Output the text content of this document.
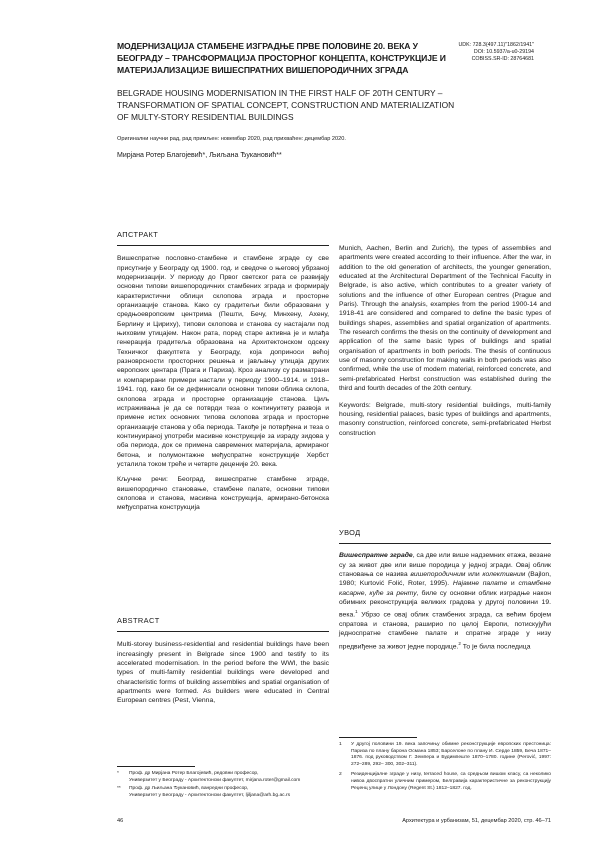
МОДЕРНИЗАЦИЈА СТАМБЕНЕ ИЗГРАДЊЕ ПРВЕ ПОЛОВИНЕ 20. ВЕКА У БЕОГРАДУ – ТРАНСФОРМАЦИЈА ПРОСТОРНОГ КОНЦЕПТА, КОНСТРУКЦИЈЕ И МАТЕРИЈАЛИЗАЦИЈЕ ВИШЕСПРАТНИХ ВИШЕПОРОДИЧНИХ ЗГРАДА
BELGRADE HOUSING MODERNISATION IN THE FIRST HALF OF 20TH CENTURY – TRANSFORMATION OF SPATIAL CONCEPT, CONSTRUCTION AND MATERIALIZATION OF MULTY-STORY RESIDENTIAL BUILDINGS
UDK: 728.3(497.11)"1862/1941"
DOI: 10.5937/a-u0-29194
COBISS.SR-ID: 28764681
Оригинални научни рад, рад примљен: новембар 2020, рад прихваћен: децембар 2020.
Мирјана Ротер Благојевић*, Љиљана Ђукановић**
АПСТРАКТ

Вишеспратне пословно-стамбене и стамбене зграде су све присутније у Београду од 1900. год. и сведоче о његовој убрзаној модернизацији. У периоду до Првог светског рата се развијају основни типови вишепородичних стамбених зграда и формирају карактеристични облици склопова зграда и просторне организације станова. Како су градитељи били образовани у средњоевропским центрима (Пешти, Бечу, Минхену, Ахену, Берлину и Цириху), типови склопова и станова су настајали под њиховим утицајем. Након рата, поред старе активна је и млађа генерација градитеља образована на Архитектонском одсеку Техничког факултета у Београду, која доприноси већој разноврсности просторних решења и јављању утицаја других европских центара (Прага и Париза). Кроз анализу су разматрани и компарирани примери настали у периоду 1900–1914. и 1918–1941. год. како би се дефинисали основни типови облика склопа, склопова зграда и просторне организације станова. Циљ истраживања је да се потврди теза о континуитету развоја и примене истих основних типова склопова зграда и просторне организације станова у оба периода. Такође је потврђена и теза о континуираној употреби масивне конструкције за израду зидова у оба периода, док се примена савремених материјала, армираног бетона, и полумонтажне међуспратне конструкције Хербст усталила током треће и четврте деценије 20. века.

Кључне речи: Београд, вишеспратне стамбене зграде, вишепородично становање, стамбене палате, основни типови склопова и станова, масивна конструкција, армирано-бетонска међуспратна конструкција

ABSTRACT

Multi-storey business-residential and residential buildings have been increasingly present in Belgrade since 1900 and testify to its accelerated modernisation. In the period before the WWI, the basic types of multi-family residential buildings were developed and characteristic forms of building assemblies and spatial organisation of apartments were formed. As builders were educated in Central European centres (Pest, Vienna,

Munich, Aachen, Berlin and Zurich), the types of assemblies and apartments were created according to their influence. After the war, in addition to the old generation of architects, the younger generation, educated at the Architectural Department of the Technical Faculty in Belgrade, is also active, which contributes to a greater variety of solutions and the influence of other European centres (Prague and Paris). Through the analysis, examples from the period 1900-14 and 1918-41 are considered and compared to define the basic types of buildings shapes, assemblies and spatial organization of apartments. The research confirms the thesis on the continuity of development and application of the same basic types of buildings and spatial organisation of apartments in both periods. The thesis of continuous use of masonry construction for making walls in both periods was also confirmed, while the use of modern material, reinforced concrete, and semi-prefabricated Herbst construction was established during the third and fourth decades of the 20th century.

Keywords: Belgrade, multi-story residential buildings, multi-family housing, residential palaces, basic types of buildings and apartments, masonry construction, reinforced concrete, semi-prefabricated Herbst construction

УВОД

Вишеспратне зграде, са две или више надземних етажа, везане су за живот две или више породица у једној згради. Овај облик становања се назива вишепородичним или колективним (Bajlon, 1980; Kurtović Folić, Roter, 1995). Најамне палате и стамбене касарне, куће за ренту, биле су основни облик изградње након обимних реконструкција великих градова у другој половини 19. века.$^1$ Убрзо се овај облик стамбених зграда, са већим бројем спратова и станова, раширио по целој Европи, потискујући једноспратне стамбене палате и спратне зграде у низу предвиђене за живот једне породице.$^2$ То је била последица

*	Проф. др Мирјана Ротер Благојевић, редовни професор,
Универзитет у Београду - Архитектонски факултет, mirjana.roter@gmail.com
**	Проф. др Љиљана Ђукановић, ванредни професор,
Универзитет у Београду - Архитектонски факултет, ljiljana@arh.bg.ac.rs
1	У другој половини 19. века започињу обимне реконструкције европских престоница: Париза по плану барона Османа 1853; Барселоне по плану И. Сердe 1859, Беча 1871–1876. под руководством Г. Земпера и Будимпеште 1870–1780. године (Perović, 1997: 272–289, 292– 300, 302–311).
2	Резиденцијалне зграде у низу, terraced house, са средњом вишом класу, са неколико нивоа двоспратни уличним примером, Белгравија карактеристичне за реконструкцију Реџенц улице у Лондону (Regent St.) 1812–1827. год.
46	Архитектура и урбанизам, 51, децембар 2020, стр. 46–71
